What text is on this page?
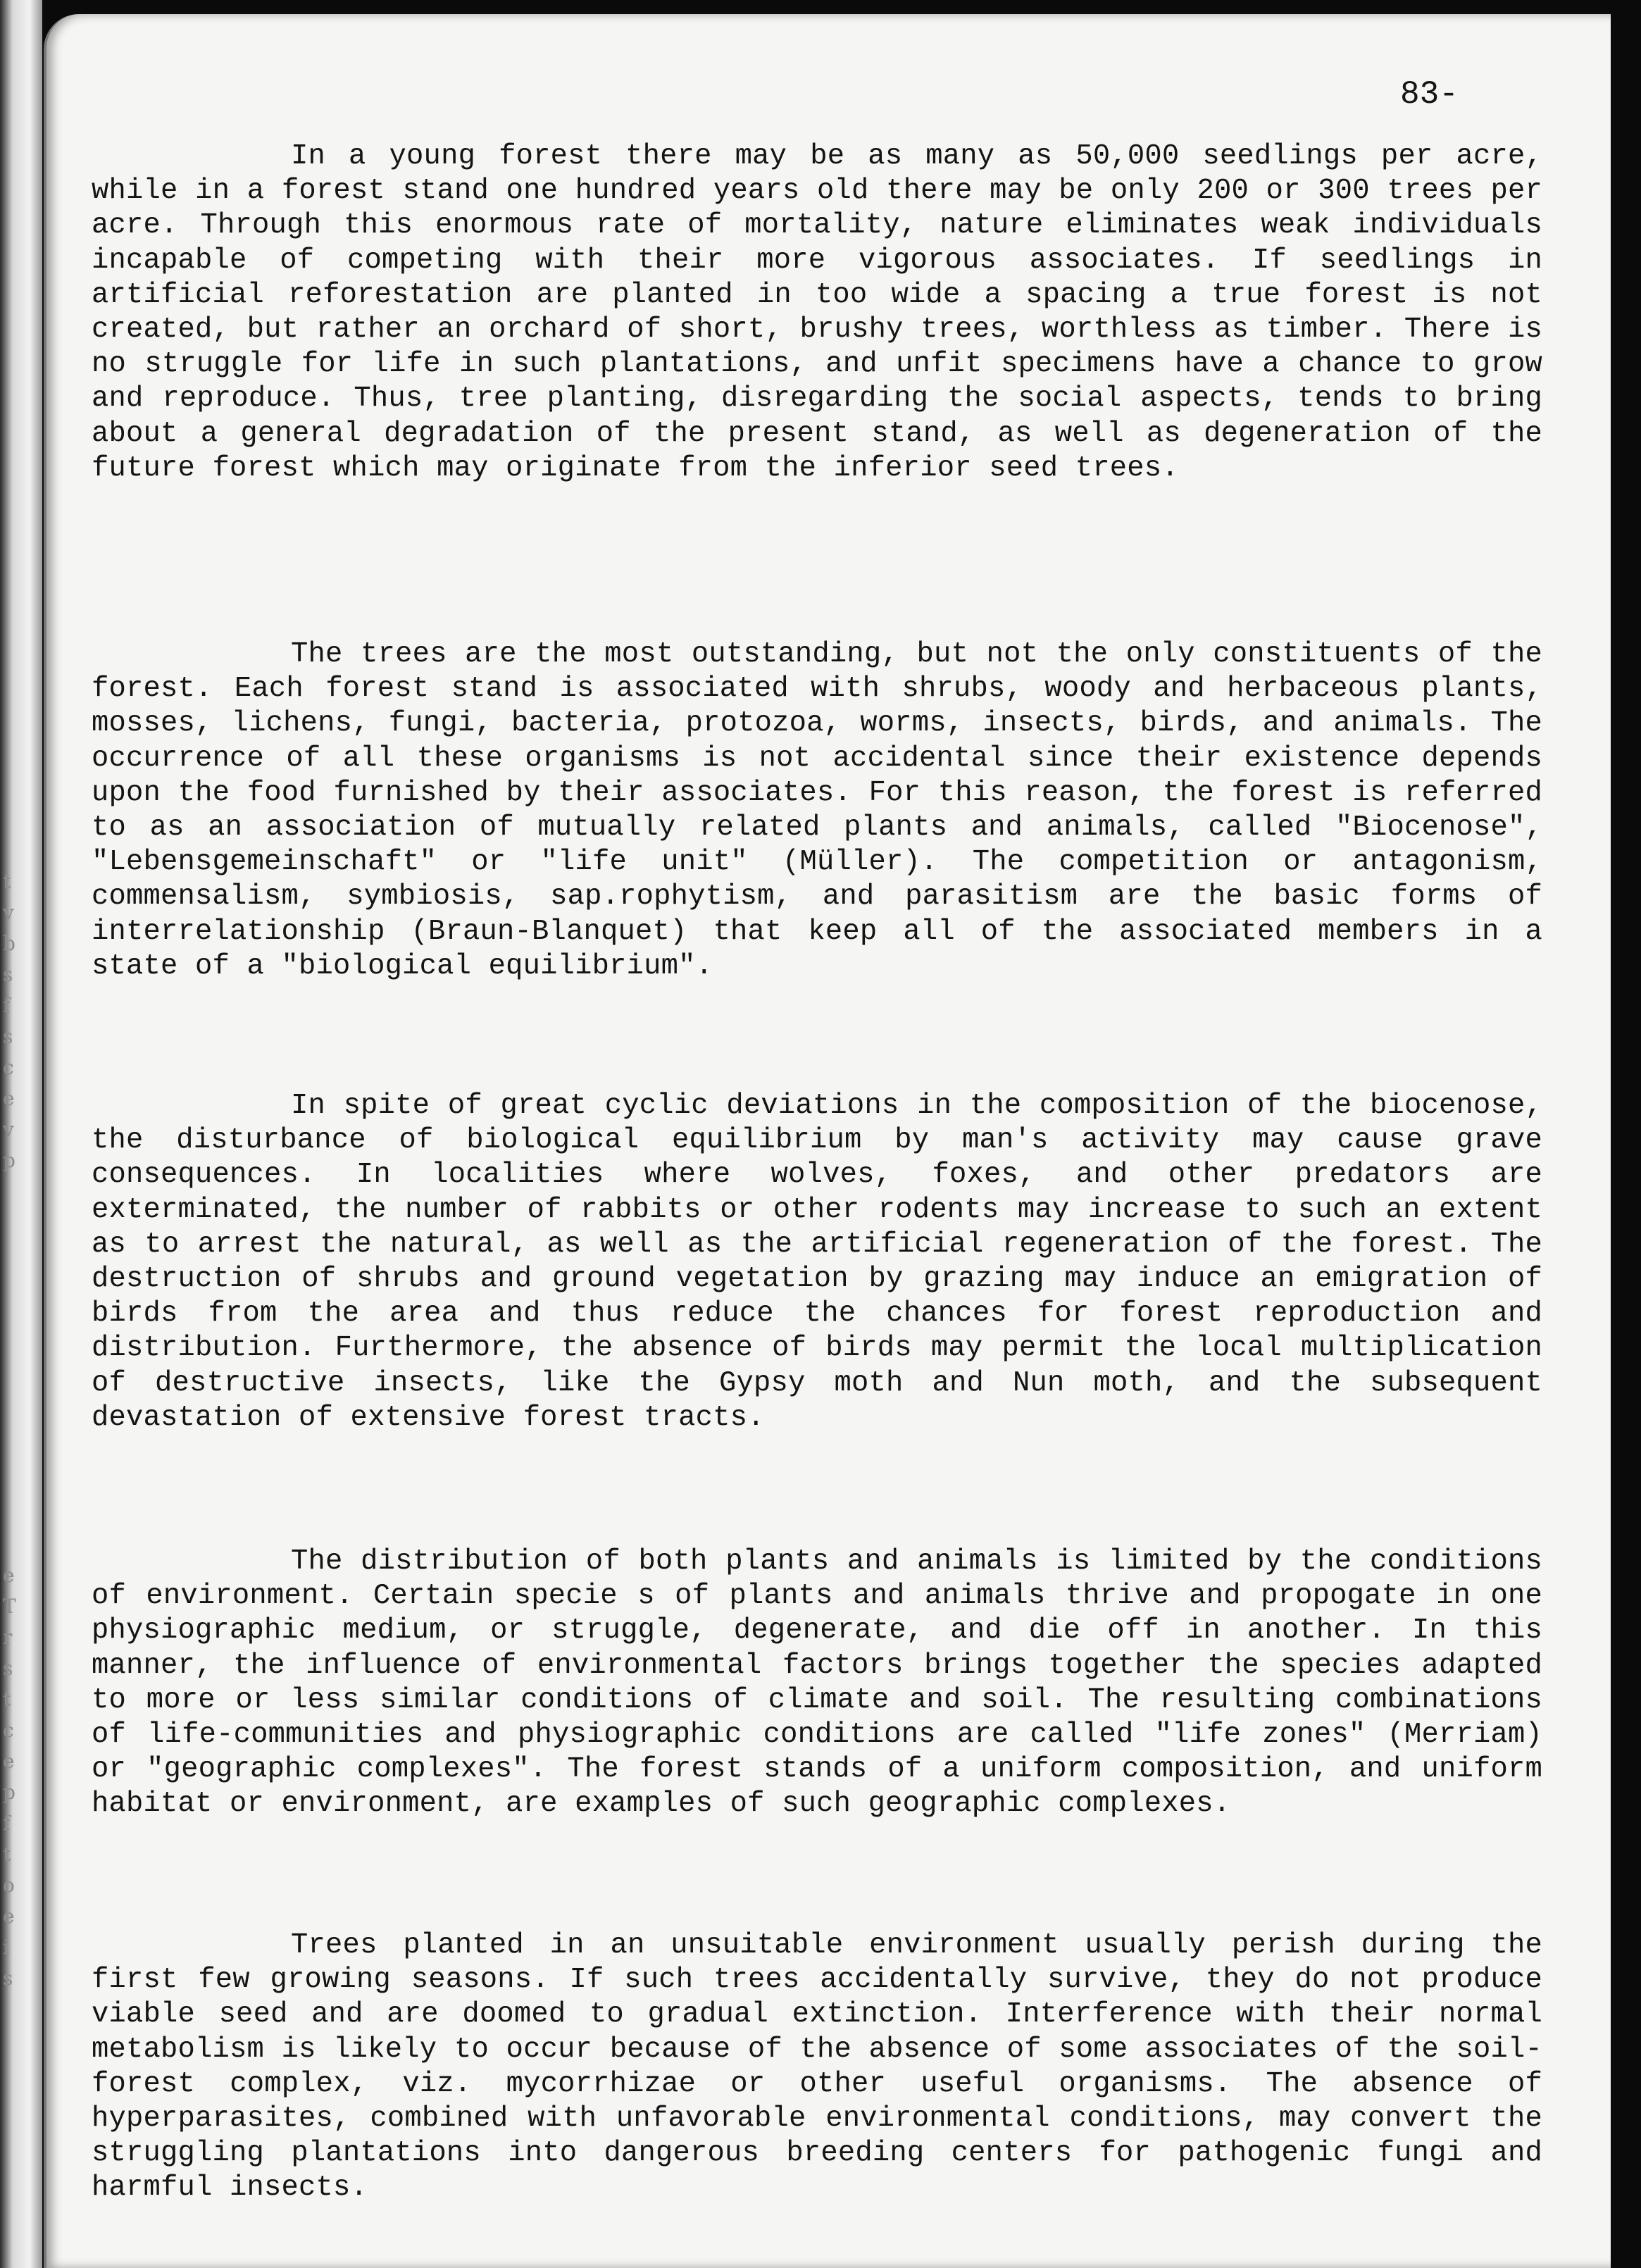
t
v
b
s
f
s
c
e
v
p
e
T
r
s
t
c
e
p
f
t
o
e
i
s
83-

In a young forest there may be as many as 50,000 seedlings per acre, while in a forest stand one hundred years old there may be only 200 or 300 trees per acre. Through this enormous rate of mortality, nature eliminates weak individuals incapable of competing with their more vigorous associates. If seedlings in artificial reforestation are planted in too wide a spacing a true forest is not created, but rather an orchard of short, brushy trees, worthless as timber. There is no struggle for life in such plantations, and unfit specimens have a chance to grow and reproduce. Thus, tree planting, disregarding the social aspects, tends to bring about a general degradation of the present stand, as well as degeneration of the future forest which may originate from the inferior seed trees.

The trees are the most outstanding, but not the only constituents of the forest. Each forest stand is associated with shrubs, woody and herbaceous plants, mosses, lichens, fungi, bacteria, protozoa, worms, insects, birds, and animals. The occurrence of all these organisms is not accidental since their existence depends upon the food furnished by their associates. For this reason, the forest is referred to as an association of mutually related plants and animals, called "Biocenose", "Lebensgemeinschaft" or "life unit" (Müller). The competition or antagonism, commensalism, symbiosis, sap.rophytism, and parasitism are the basic forms of interrelationship (Braun-Blanquet) that keep all of the associated members in a state of a "biological equilibrium".

In spite of great cyclic deviations in the composition of the biocenose, the disturbance of biological equilibrium by man's activity may cause grave consequences. In localities where wolves, foxes, and other predators are exterminated, the number of rabbits or other rodents may increase to such an extent as to arrest the natural, as well as the artificial regeneration of the forest. The destruction of shrubs and ground vegetation by grazing may induce an emigration of birds from the area and thus reduce the chances for forest reproduction and distribution. Furthermore, the absence of birds may permit the local multiplication of destructive insects, like the Gypsy moth and Nun moth, and the subsequent devastation of extensive forest tracts.

The distribution of both plants and animals is limited by the conditions of environment. Certain specie s of plants and animals thrive and propogate in one physiographic medium, or struggle, degenerate, and die off in another. In this manner, the influence of environmental factors brings together the species adapted to more or less similar conditions of climate and soil. The resulting combinations of life-communities and physiographic conditions are called "life zones" (Merriam) or "geographic complexes". The forest stands of a uniform composition, and uniform habitat or environment, are examples of such geographic complexes.

Trees planted in an unsuitable environment usually perish during the first few growing seasons. If such trees accidentally survive, they do not produce viable seed and are doomed to gradual extinction. Interference with their normal metabolism is likely to occur because of the absence of some associates of the soil-forest complex, viz. mycorrhizae or other useful organisms. The absence of hyperparasites, combined with unfavorable environmental conditions, may convert the struggling plantations into dangerous breeding centers for pathogenic fungi and harmful insects.
